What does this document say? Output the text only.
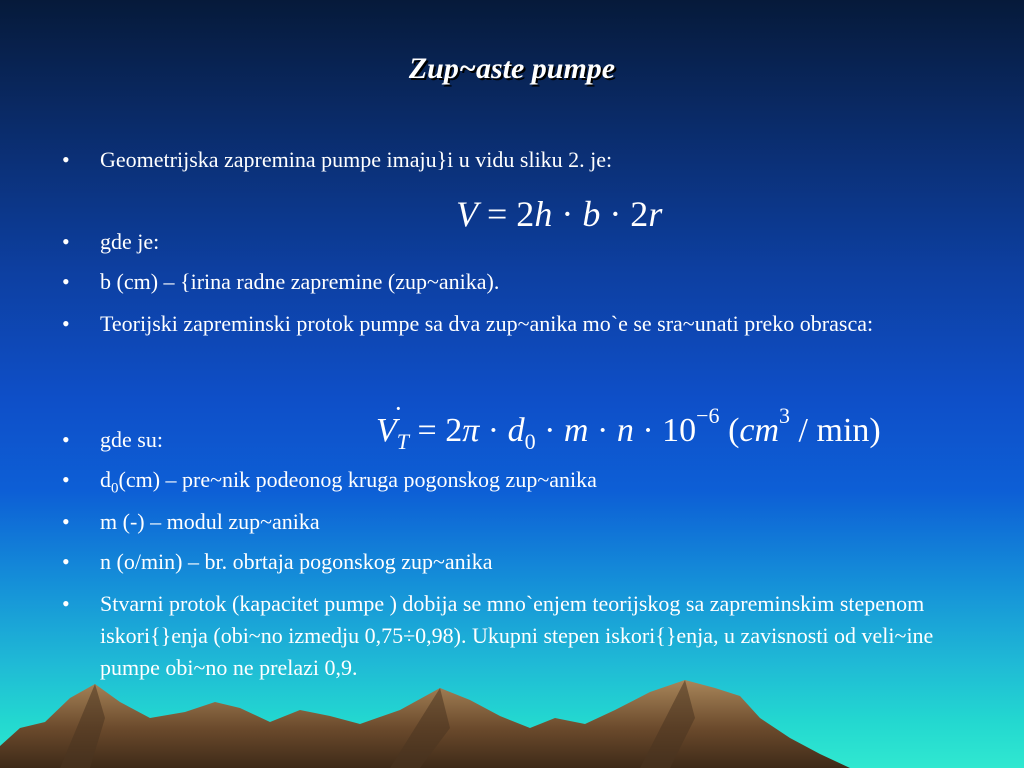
Zup~aste pumpe
• Geometrijska zapremina pumpe imaju}i u vidu sliku 2. je:
V = 2h · b · 2r
• gde je:
• b (cm) – {irina radne zapremine (zup~anika).
• Teorijski zapreminski protok pumpe sa dva zup~anika mo`e se sra~unati preko obrasca:
·
$V_T = 2\pi \cdot d_0 \cdot m \cdot n \cdot 10^{-6}$ $(cm^3 / \min)$
• gde su:
• $d_0(cm)$ – pre~nik podeonog kruga pogonskog zup~anika
• m (-) – modul zup~anika
• n (o/min) – br. obrtaja pogonskog zup~anika
• Stvarni protok (kapacitet pumpe ) dobija se mno`enjem teorijskog sa zapreminskim stepenom iskori{}enja (obi~no izmedju 0,75÷0,98). Ukupni stepen iskori{}enja, u zavisnosti od veli~ine pumpe obi~no ne prelazi 0,9.
